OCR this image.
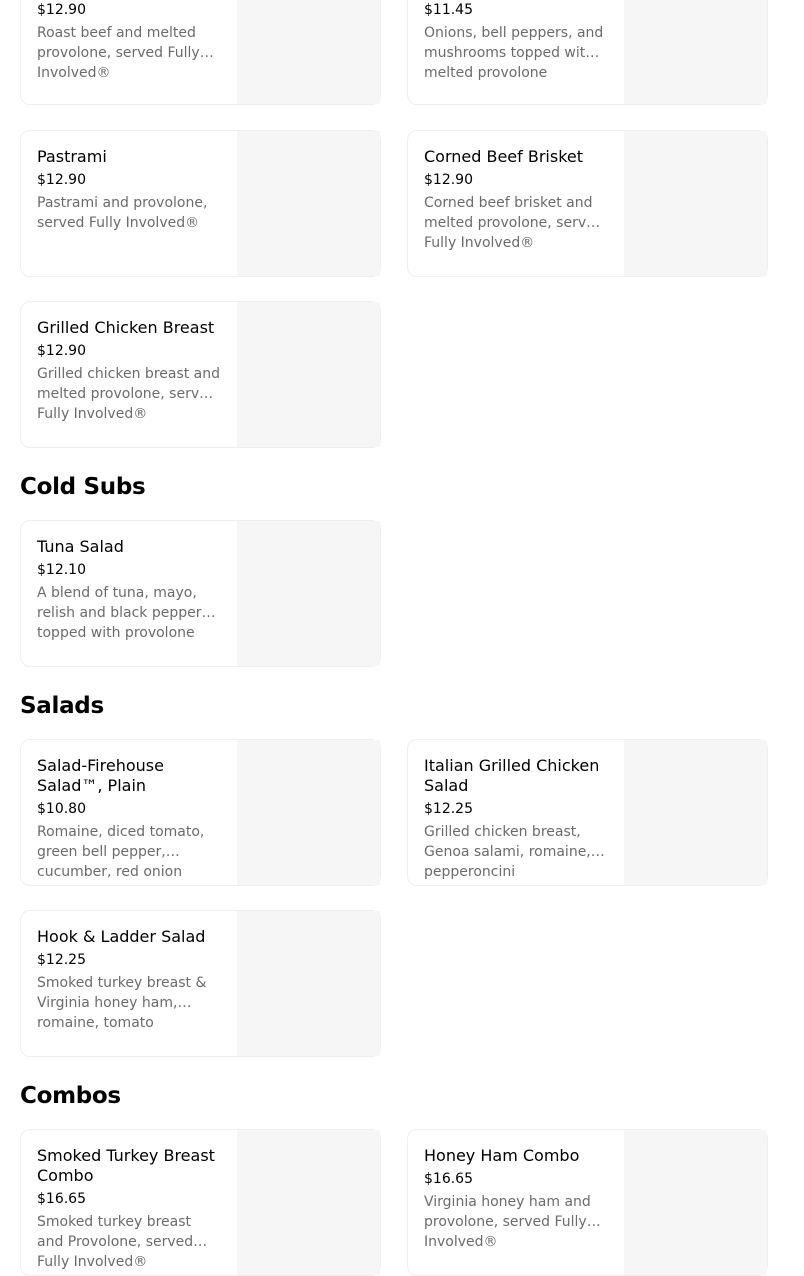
$12.90
Roast beef and melted provolone, served Fully Involved®
$11.45
Onions, bell peppers, and mushrooms topped with melted provolone
Pastrami
$12.90
Pastrami and provolone, served Fully Involved®
Corned Beef Brisket
$12.90
Corned beef brisket and melted provolone, served Fully Involved®
Grilled Chicken Breast
$12.90
Grilled chicken breast and melted provolone, served Fully Involved®
Cold Subs
Tuna Salad
$12.10
A blend of tuna, mayo, relish and black pepper topped with provolone
Salads
Salad-Firehouse Salad™, Plain
$10.80
Romaine, diced tomato, green bell pepper, cucumber, red onion
Italian Grilled Chicken Salad
$12.25
Grilled chicken breast, Genoa salami, romaine, pepperoncini
Hook & Ladder Salad
$12.25
Smoked turkey breast & Virginia honey ham, romaine, tomato
Combos
Smoked Turkey Breast Combo
$16.65
Smoked turkey breast and Provolone, served Fully Involved®
Honey Ham Combo
$16.65
Virginia honey ham and provolone, served Fully Involved®
